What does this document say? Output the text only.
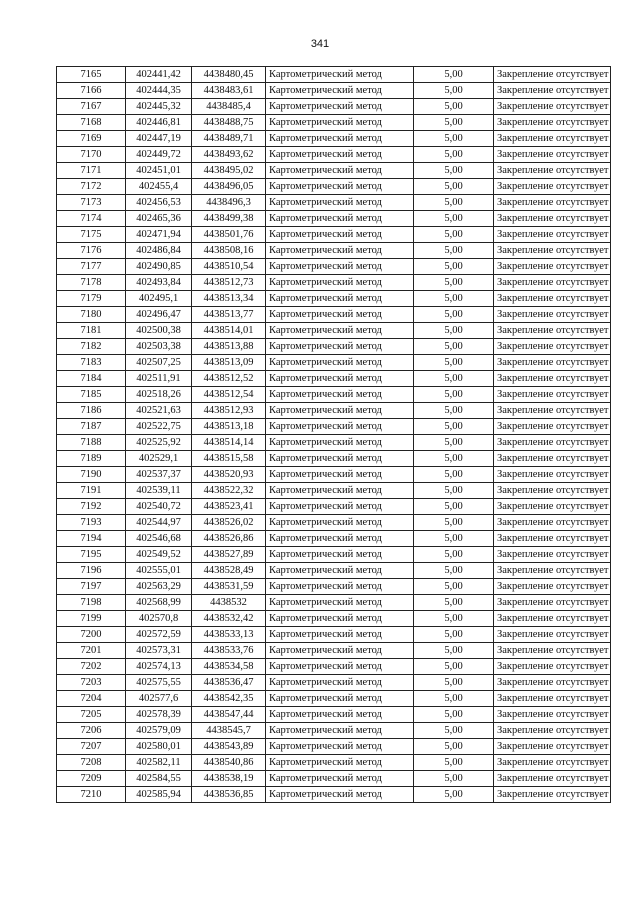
341
7165	402441,42	4438480,45	Картометрический метод	5,00	Закрепление отсутствует
7166	402444,35	4438483,61	Картометрический метод	5,00	Закрепление отсутствует
7167	402445,32	4438485,4	Картометрический метод	5,00	Закрепление отсутствует
7168	402446,81	4438488,75	Картометрический метод	5,00	Закрепление отсутствует
7169	402447,19	4438489,71	Картометрический метод	5,00	Закрепление отсутствует
7170	402449,72	4438493,62	Картометрический метод	5,00	Закрепление отсутствует
7171	402451,01	4438495,02	Картометрический метод	5,00	Закрепление отсутствует
7172	402455,4	4438496,05	Картометрический метод	5,00	Закрепление отсутствует
7173	402456,53	4438496,3	Картометрический метод	5,00	Закрепление отсутствует
7174	402465,36	4438499,38	Картометрический метод	5,00	Закрепление отсутствует
7175	402471,94	4438501,76	Картометрический метод	5,00	Закрепление отсутствует
7176	402486,84	4438508,16	Картометрический метод	5,00	Закрепление отсутствует
7177	402490,85	4438510,54	Картометрический метод	5,00	Закрепление отсутствует
7178	402493,84	4438512,73	Картометрический метод	5,00	Закрепление отсутствует
7179	402495,1	4438513,34	Картометрический метод	5,00	Закрепление отсутствует
7180	402496,47	4438513,77	Картометрический метод	5,00	Закрепление отсутствует
7181	402500,38	4438514,01	Картометрический метод	5,00	Закрепление отсутствует
7182	402503,38	4438513,88	Картометрический метод	5,00	Закрепление отсутствует
7183	402507,25	4438513,09	Картометрический метод	5,00	Закрепление отсутствует
7184	402511,91	4438512,52	Картометрический метод	5,00	Закрепление отсутствует
7185	402518,26	4438512,54	Картометрический метод	5,00	Закрепление отсутствует
7186	402521,63	4438512,93	Картометрический метод	5,00	Закрепление отсутствует
7187	402522,75	4438513,18	Картометрический метод	5,00	Закрепление отсутствует
7188	402525,92	4438514,14	Картометрический метод	5,00	Закрепление отсутствует
7189	402529,1	4438515,58	Картометрический метод	5,00	Закрепление отсутствует
7190	402537,37	4438520,93	Картометрический метод	5,00	Закрепление отсутствует
7191	402539,11	4438522,32	Картометрический метод	5,00	Закрепление отсутствует
7192	402540,72	4438523,41	Картометрический метод	5,00	Закрепление отсутствует
7193	402544,97	4438526,02	Картометрический метод	5,00	Закрепление отсутствует
7194	402546,68	4438526,86	Картометрический метод	5,00	Закрепление отсутствует
7195	402549,52	4438527,89	Картометрический метод	5,00	Закрепление отсутствует
7196	402555,01	4438528,49	Картометрический метод	5,00	Закрепление отсутствует
7197	402563,29	4438531,59	Картометрический метод	5,00	Закрепление отсутствует
7198	402568,99	4438532	Картометрический метод	5,00	Закрепление отсутствует
7199	402570,8	4438532,42	Картометрический метод	5,00	Закрепление отсутствует
7200	402572,59	4438533,13	Картометрический метод	5,00	Закрепление отсутствует
7201	402573,31	4438533,76	Картометрический метод	5,00	Закрепление отсутствует
7202	402574,13	4438534,58	Картометрический метод	5,00	Закрепление отсутствует
7203	402575,55	4438536,47	Картометрический метод	5,00	Закрепление отсутствует
7204	402577,6	4438542,35	Картометрический метод	5,00	Закрепление отсутствует
7205	402578,39	4438547,44	Картометрический метод	5,00	Закрепление отсутствует
7206	402579,09	4438545,7	Картометрический метод	5,00	Закрепление отсутствует
7207	402580,01	4438543,89	Картометрический метод	5,00	Закрепление отсутствует
7208	402582,11	4438540,86	Картометрический метод	5,00	Закрепление отсутствует
7209	402584,55	4438538,19	Картометрический метод	5,00	Закрепление отсутствует
7210	402585,94	4438536,85	Картометрический метод	5,00	Закрепление отсутствует
